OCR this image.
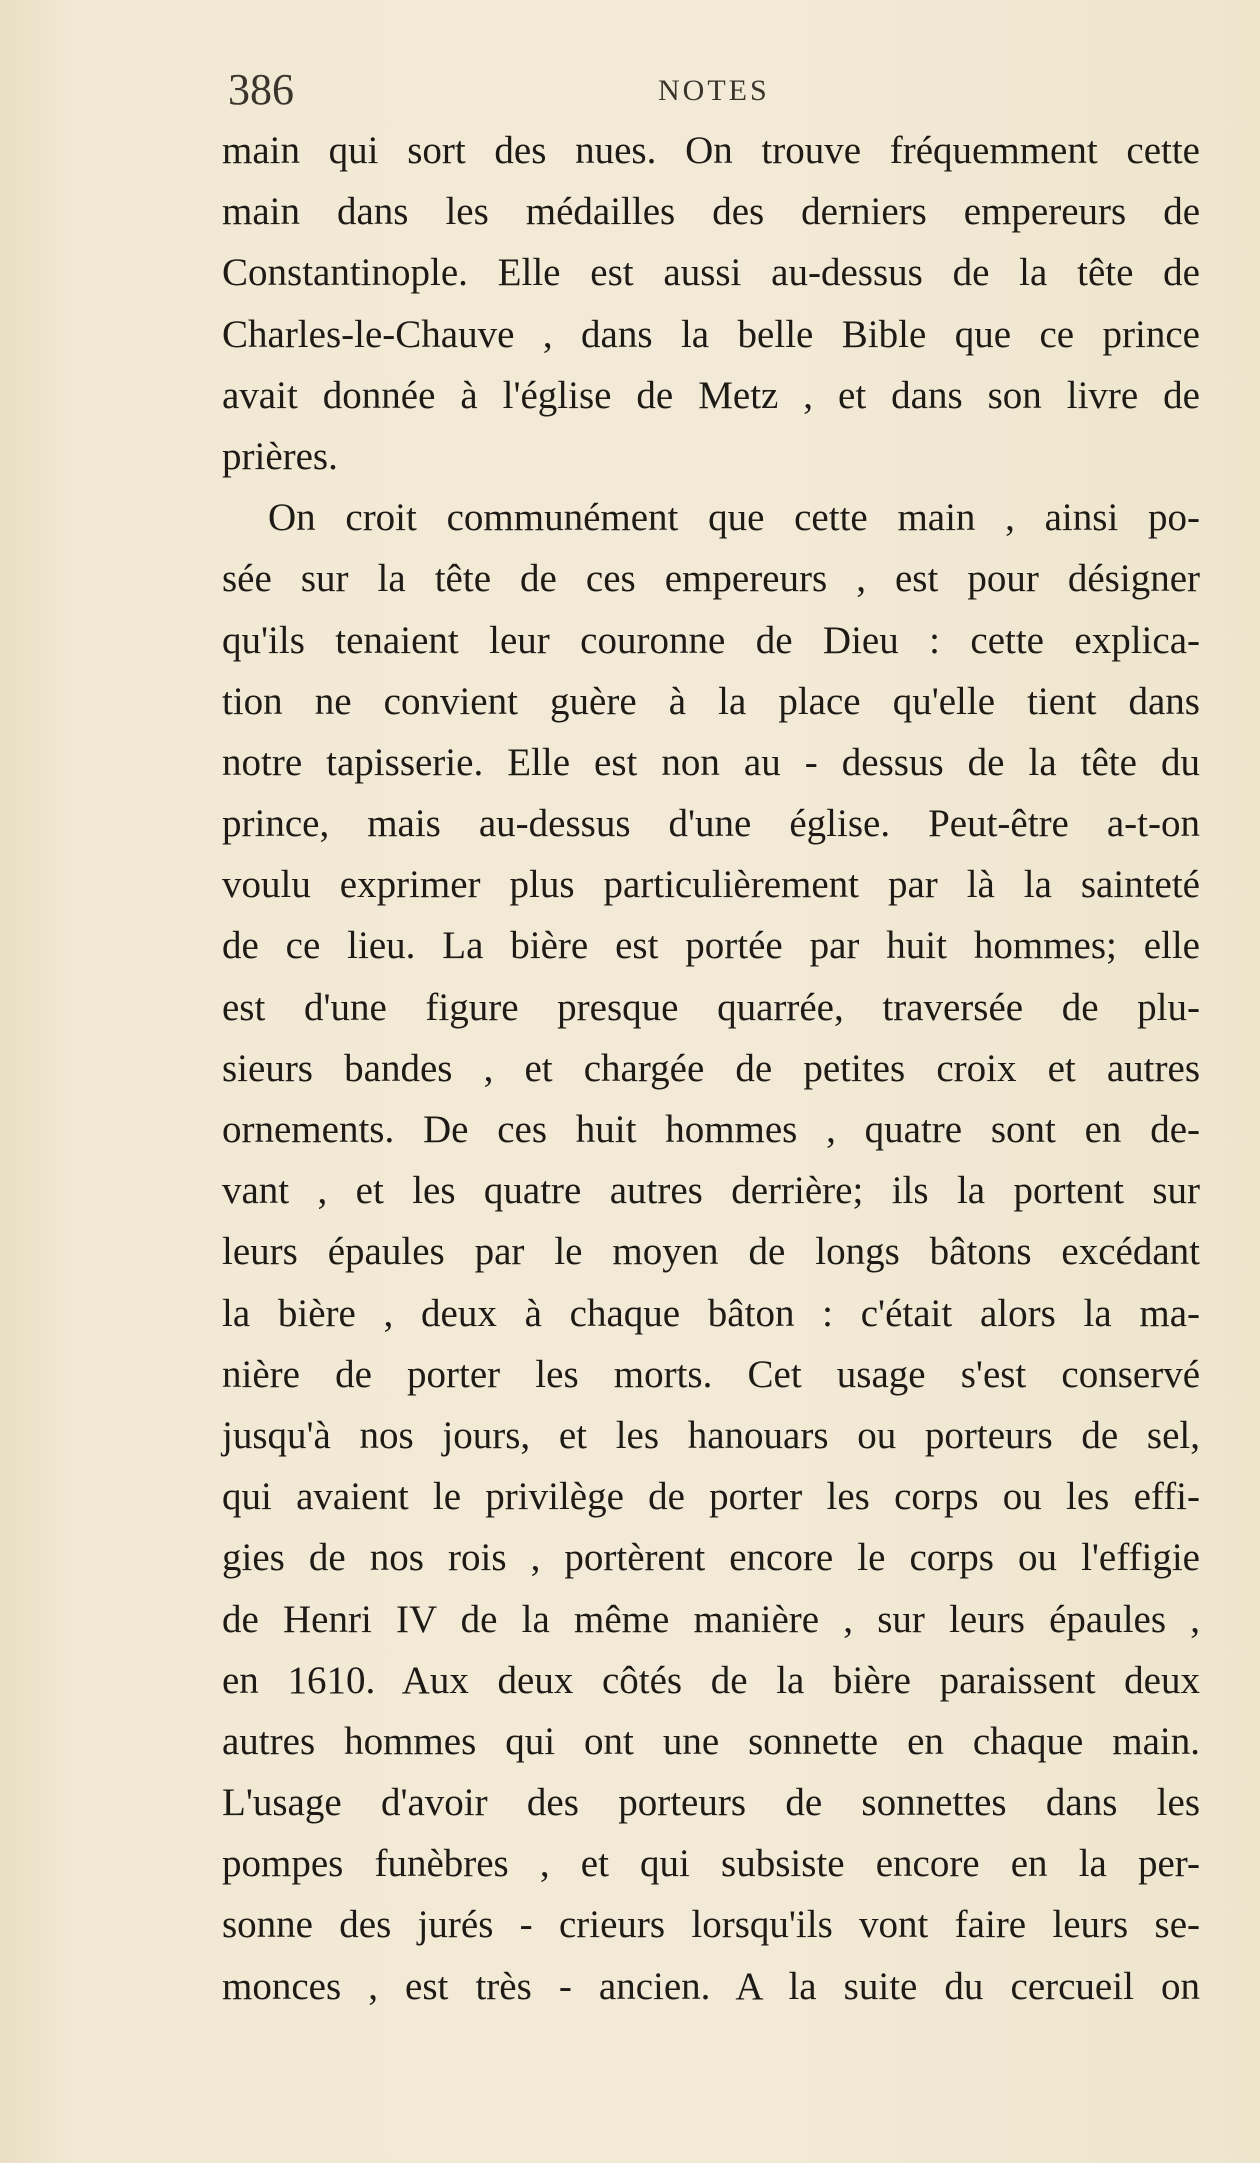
386	NOTES
main qui sort des nues. On trouve fréquemment cette
main dans les médailles des derniers empereurs de
Constantinople. Elle est aussi au-dessus de la tête de
Charles-le-Chauve , dans la belle Bible que ce prince
avait donnée à l'église de Metz , et dans son livre de
prières.
On croit communément que cette main , ainsi po-
sée sur la tête de ces empereurs , est pour désigner
qu'ils tenaient leur couronne de Dieu : cette explica-
tion ne convient guère à la place qu'elle tient dans
notre tapisserie. Elle est non au - dessus de la tête du
prince, mais au-dessus d'une église. Peut-être a-t-on
voulu exprimer plus particulièrement par là la sainteté
de ce lieu. La bière est portée par huit hommes; elle
est d'une figure presque quarrée, traversée de plu-
sieurs bandes , et chargée de petites croix et autres
ornements. De ces huit hommes , quatre sont en de-
vant , et les quatre autres derrière; ils la portent sur
leurs épaules par le moyen de longs bâtons excédant
la bière , deux à chaque bâton : c'était alors la ma-
nière de porter les morts. Cet usage s'est conservé
jusqu'à nos jours, et les hanouars ou porteurs de sel,
qui avaient le privilège de porter les corps ou les effi-
gies de nos rois , portèrent encore le corps ou l'effigie
de Henri IV de la même manière , sur leurs épaules ,
en 1610. Aux deux côtés de la bière paraissent deux
autres hommes qui ont une sonnette en chaque main.
L'usage d'avoir des porteurs de sonnettes dans les
pompes funèbres , et qui subsiste encore en la per-
sonne des jurés - crieurs lorsqu'ils vont faire leurs se-
monces , est très - ancien. A la suite du cercueil on
